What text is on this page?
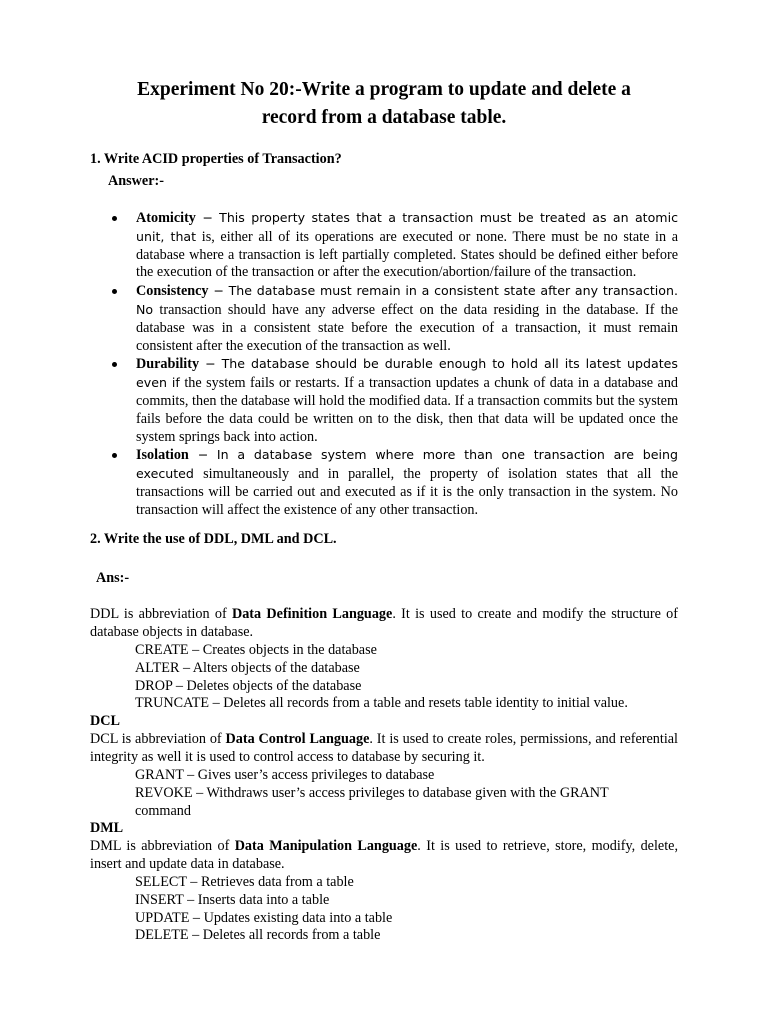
Experiment No 20:-Write a program to update and delete a
record from a database table.
1. Write ACID properties of Transaction?
Answer:-
Atomicity − This property states that a transaction must be treated as an atomic unit, that is, either all of its operations are executed or none. There must be no state in a database where a transaction is left partially completed. States should be defined either before the execution of the transaction or after the execution/abortion/failure of the transaction.
Consistency − The database must remain in a consistent state after any transaction. No transaction should have any adverse effect on the data residing in the database. If the database was in a consistent state before the execution of a transaction, it must remain consistent after the execution of the transaction as well.
Durability − The database should be durable enough to hold all its latest updates even if the system fails or restarts. If a transaction updates a chunk of data in a database and commits, then the database will hold the modified data. If a transaction commits but the system fails before the data could be written on to the disk, then that data will be updated once the system springs back into action.
Isolation − In a database system where more than one transaction are being executed simultaneously and in parallel, the property of isolation states that all the transactions will be carried out and executed as if it is the only transaction in the system. No transaction will affect the existence of any other transaction.
2. Write the use of DDL, DML and DCL.
Ans:-
DDL is abbreviation of Data Definition Language. It is used to create and modify the structure of database objects in database.
CREATE – Creates objects in the database
ALTER – Alters objects of the database
DROP – Deletes objects of the database
TRUNCATE – Deletes all records from a table and resets table identity to initial value.
DCL
DCL is abbreviation of Data Control Language. It is used to create roles, permissions, and referential integrity as well it is used to control access to database by securing it.
GRANT – Gives user’s access privileges to database
REVOKE – Withdraws user’s access privileges to database given with the GRANT
command
DML
DML is abbreviation of Data Manipulation Language. It is used to retrieve, store, modify, delete, insert and update data in database.
SELECT – Retrieves data from a table
INSERT – Inserts data into a table
UPDATE – Updates existing data into a table
DELETE – Deletes all records from a table
